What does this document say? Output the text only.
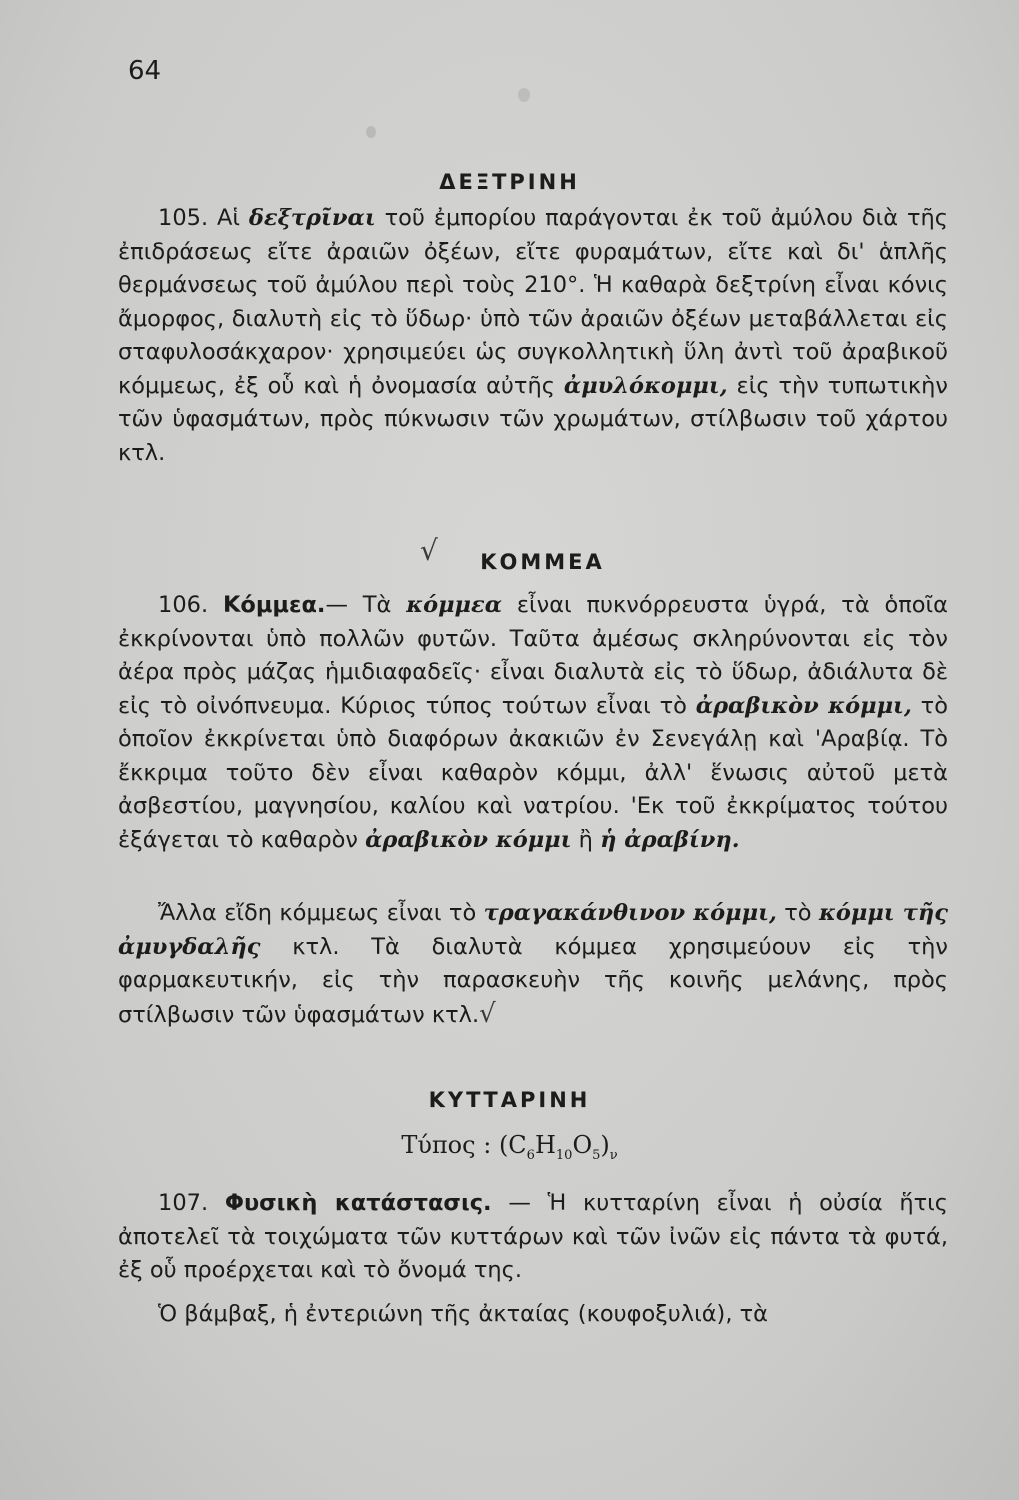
64
ΔΕΞΤΡΙΝΗ
105. Αἱ δεξτρῖναι τοῦ ἐμπορίου παράγονται ἐκ τοῦ ἀμύλου διὰ τῆς ἐπιδράσεως εἴτε ἀραιῶν ὀξέων, εἴτε φυραμάτων, εἴτε καὶ δι' ἁπλῆς θερμάνσεως τοῦ ἀμύλου περὶ τοὺς 210°. Ἡ καθαρὰ δεξτρίνη εἶναι κόνις ἄμορφος, διαλυτὴ εἰς τὸ ὕδωρ· ὑπὸ τῶν ἀραιῶν ὀξέων μεταβάλλεται εἰς σταφυλοσάκχαρον· χρησιμεύει ὡς συγκολλητικὴ ὕλη ἀντὶ τοῦ ἀραβικοῦ κόμμεως, ἐξ οὗ καὶ ἡ ὀνομασία αὐτῆς ἀμυλόκομμι, εἰς τὴν τυπωτικὴν τῶν ὑφασμάτων, πρὸς πύκνωσιν τῶν χρωμάτων, στίλβωσιν τοῦ χάρτου κτλ.
√	ΚΟΜΜΕΑ
106. Κόμμεα.— Τὰ κόμμεα εἶναι πυκνόρρευστα ὑγρά, τὰ ὁποῖα ἐκκρίνονται ὑπὸ πολλῶν φυτῶν. Ταῦτα ἀμέσως σκληρύνονται εἰς τὸν ἀέρα πρὸς μάζας ἡμιδιαφαδεῖς· εἶναι διαλυτὰ εἰς τὸ ὕδωρ, ἀδιάλυτα δὲ εἰς τὸ οἰνόπνευμα. Κύριος τύπος τούτων εἶναι τὸ ἀραβικὸν κόμμι, τὸ ὁποῖον ἐκκρίνεται ὑπὸ διαφόρων ἀκακιῶν ἐν Σενεγάλῃ καὶ 'Αραβίᾳ. Τὸ ἔκκριμα τοῦτο δὲν εἶναι καθαρὸν κόμμι, ἀλλ' ἕνωσις αὐτοῦ μετὰ ἀσβεστίου, μαγνησίου, καλίου καὶ νατρίου. 'Εκ τοῦ ἐκκρίματος τούτου ἐξάγεται τὸ καθαρὸν ἀραβικὸν κόμμι ἢ ἡ ἀραβίνη.
Ἄλλα εἴδη κόμμεως εἶναι τὸ τραγακάνθινον κόμμι, τὸ κόμμι τῆς ἀμυγδαλῆς κτλ. Τὰ διαλυτὰ κόμμεα χρησιμεύουν εἰς τὴν φαρμακευτικήν, εἰς τὴν παρασκευὴν τῆς κοινῆς μελάνης, πρὸς στίλβωσιν τῶν ὑφασμάτων κτλ.√
ΚΥΤΤΑΡΙΝΗ
Τύπος : $(C_6H_{10}O_5)_\nu$
107. Φυσικὴ κατάστασις. — Ἡ κυτταρίνη εἶναι ἡ οὐσία ἥτις ἀποτελεῖ τὰ τοιχώματα τῶν κυττάρων καὶ τῶν ἰνῶν εἰς πάντα τὰ φυτά, ἐξ οὗ προέρχεται καὶ τὸ ὄνομά της.
Ὁ βάμβαξ, ἡ ἐντεριώνη τῆς ἀκταίας (κουφοξυλιά), τὰ
